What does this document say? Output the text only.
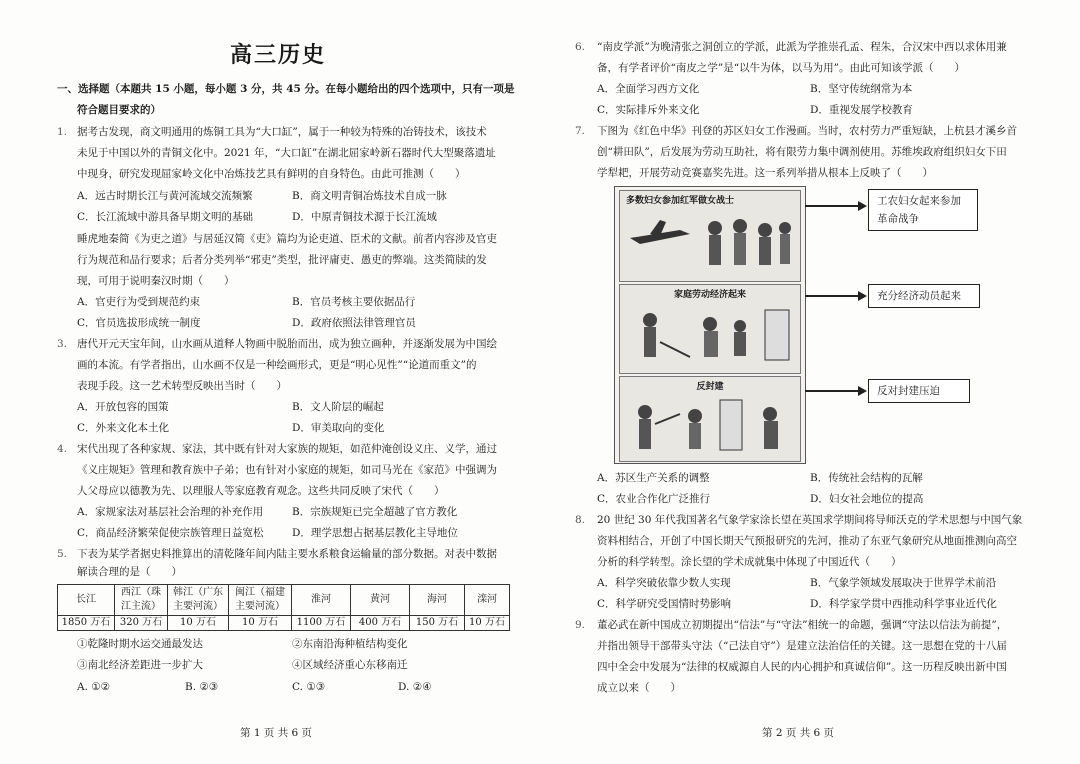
高三历史
一、选择题（本题共 15 小题，每小题 3 分，共 45 分。在每小题给出的四个选项中，只有一项是
符合题目要求的）
1. 据考古发现，商文明通用的炼铜工具为“大口缸”，属于一种较为特殊的冶铸技术，该技术
未见于中国以外的青铜文化中。2021 年，“大口缸”在湖北屈家岭新石器时代大型聚落遗址
中现身，研究发现屈家岭文化中冶炼技艺具有鲜明的自身特色。由此可推测（　　）
A．远古时期长江与黄河流域交流频繁	B．商文明青铜冶炼技术自成一脉
C．长江流域中游具备早期文明的基础	D．中原青铜技术源于长江流域
睡虎地秦简《为吏之道》与居延汉简《吏》篇均为论吏道、臣术的文献。前者内容涉及官吏
行为规范和品行要求；后者分类列举“邪吏”类型，批评庸吏、愚吏的弊端。这类简牍的发
现，可用于说明秦汉时期（　　）
A．官吏行为受到规范约束	B．官员考核主要依据品行
C．官员选拔形成统一制度	D．政府依照法律管理官员
3. 唐代开元天宝年间，山水画从道释人物画中脱胎而出，成为独立画种，并逐渐发展为中国绘
画的本流。有学者指出，山水画不仅是一种绘画形式，更是“明心见性”“论道而重文”的
表现手段。这一艺术转型反映出当时（　　）
A．开放包容的国策	B．文人阶层的崛起
C．外来文化本土化	D．审美取向的变化
4. 宋代出现了各种家规、家法，其中既有针对大家族的规矩，如范仲淹创设义庄、义学，通过
《义庄规矩》管理和教育族中子弟；也有针对小家庭的规矩，如司马光在《家范》中强调为
人父母应以德教为先、以理服人等家庭教育观念。这些共同反映了宋代（　　）
A．家规家法对基层社会治理的补充作用	B．宗族规矩已完全超越了官方教化
C．商品经济繁荣促使宗族管理日益宽松	D．理学思想占据基层教化主导地位
5. 下表为某学者据史料推算出的清乾隆年间内陆主要水系粮食运输量的部分数据。对表中数据
解读合理的是（　　）
长江	西江（珠江主流）	韩江（广东主要河流）	闽江（福建主要河流）	淮河	黄河	海河	滦河
1850 万石	320 万石	10 万石	10 万石	1100 万石	400 万石	150 万石	10 万石
①乾隆时期水运交通最发达	②东南沿海种植结构变化
③南北经济差距进一步扩大	④区域经济重心东移南迁
A. ①②	B. ②③	C. ①③	D. ②④
第 1 页 共 6 页
6. “南皮学派”为晚清张之洞创立的学派，此派为学推崇孔孟、程朱，合汉宋中西以求体用兼
备，有学者评价“南皮之学”是“以牛为体，以马为用”。由此可知该学派（　　）
A．全面学习西方文化	B．坚守传统纲常为本
C．实际排斥外来文化	D．重视发展学校教育
7. 下图为《红色中华》刊登的苏区妇女工作漫画。当时，农村劳力严重短缺，上杭县才溪乡首
创“耕田队”，后发展为劳动互助社，将有限劳力集中调剂使用。苏维埃政府组织妇女下田
学犁耙，开展劳动竞赛嘉奖先进。这一系列举措从根本上反映了（　　）
多数妇女参加红军做女战士
家庭劳动经济起来
反封建
工农妇女起来参加革命战争
充分经济动员起来
反对封建压迫
A．苏区生产关系的调整	B．传统社会结构的瓦解
C．农业合作化广泛推行	D．妇女社会地位的提高
8. 20 世纪 30 年代我国著名气象学家涂长望在英国求学期间将导师沃克的学术思想与中国气象
资料相结合，开创了中国长期天气预报研究的先河，推动了东亚气象研究从地面推测向高空
分析的科学转型。涂长望的学术成就集中体现了中国近代（　　）
A．科学突破依靠少数人实现	B．气象学领域发展取决于世界学术前沿
C．科学研究受国情时势影响	D．科学家学贯中西推动科学事业近代化
9. 董必武在新中国成立初期提出“信法”与“守法”相统一的命题，强调“守法以信法为前提”，
并指出领导干部带头守法（“己法自守”）是建立法治信任的关键。这一思想在党的十八届
四中全会中发展为“法律的权威源自人民的内心拥护和真诚信仰”。这一历程反映出新中国
成立以来（　　）
第 2 页 共 6 页
